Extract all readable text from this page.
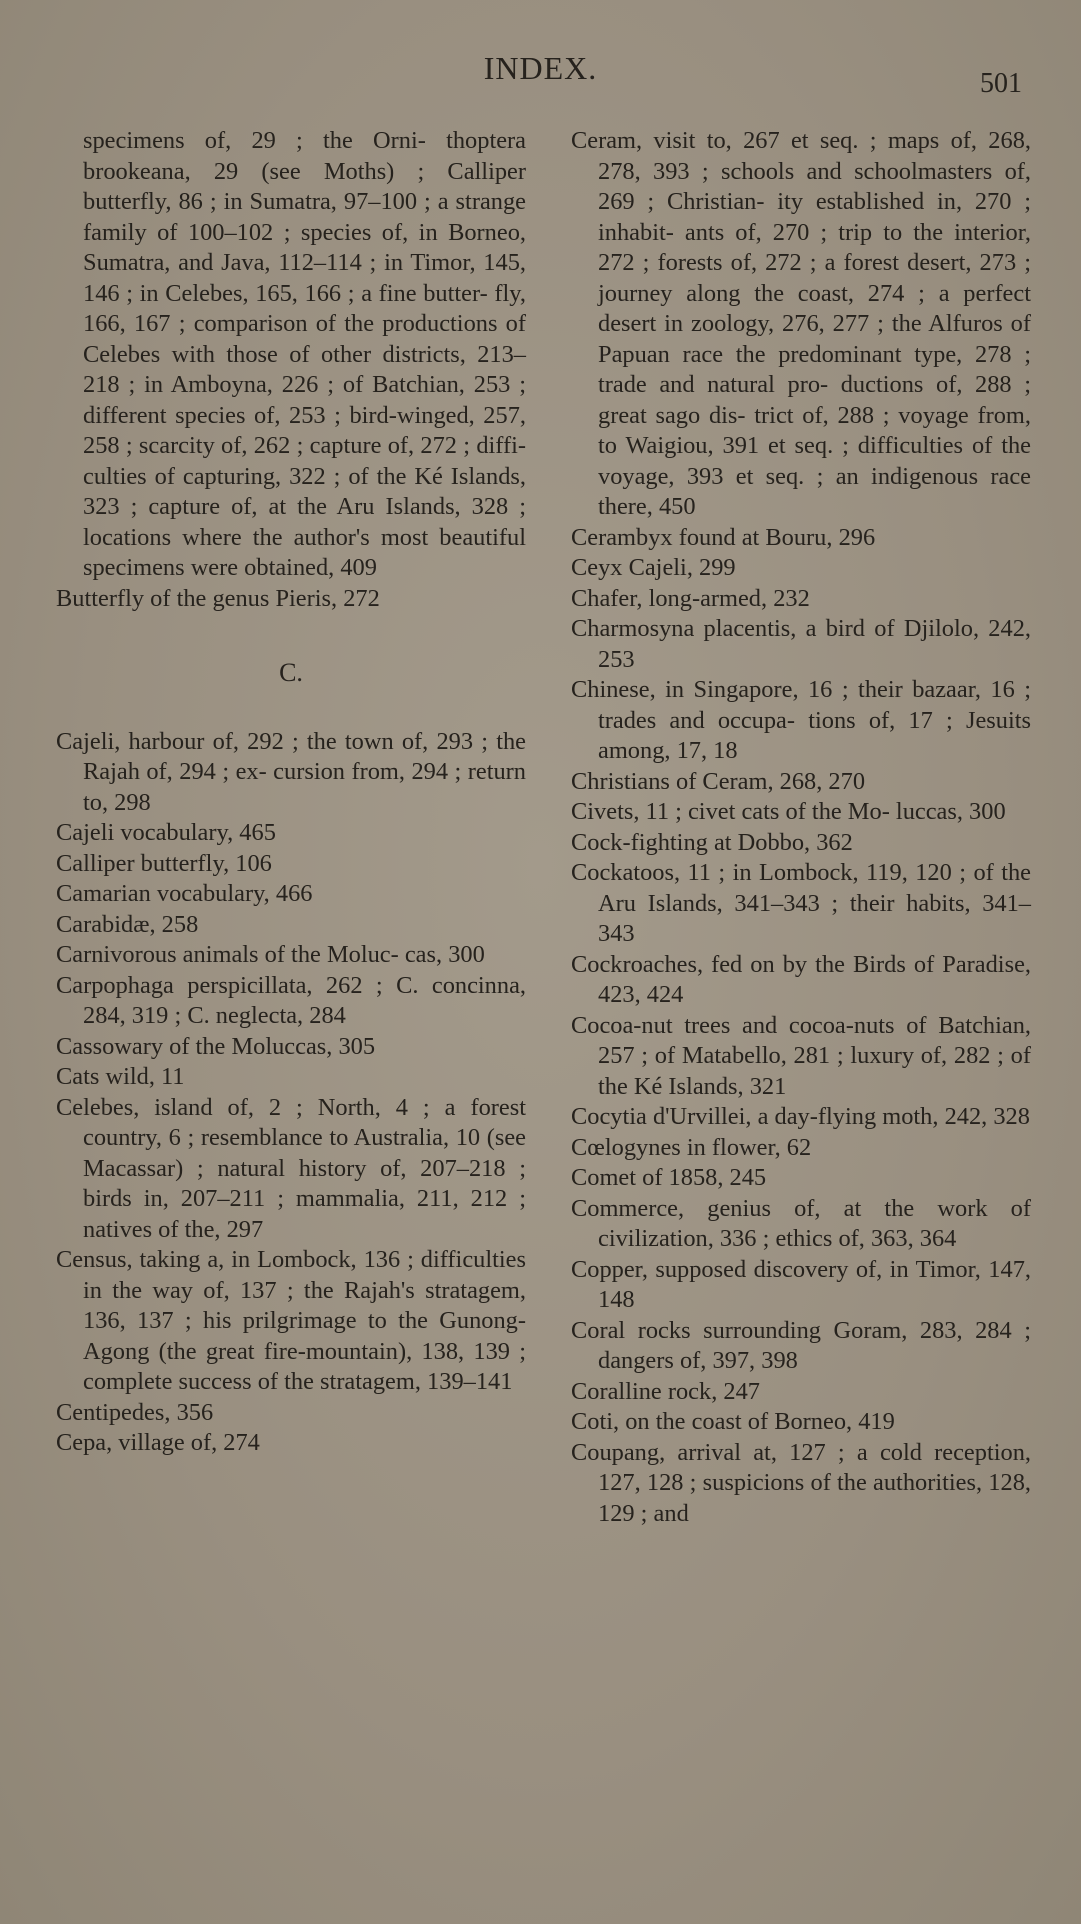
INDEX.	501

specimens of, 29 ; the Orni- thoptera brookeana, 29 (see Moths) ; Calliper butterfly, 86 ; in Sumatra, 97–100 ; a strange family of 100–102 ; species of, in Borneo, Sumatra, and Java, 112–114 ; in Timor, 145, 146 ; in Celebes, 165, 166 ; a fine butter- fly, 166, 167 ; comparison of the productions of Celebes with those of other districts, 213–218 ; in Amboyna, 226 ; of Batchian, 253 ; different species of, 253 ; bird-winged, 257, 258 ; scarcity of, 262 ; capture of, 272 ; diffi- culties of capturing, 322 ; of the Ké Islands, 323 ; capture of, at the Aru Islands, 328 ; locations where the author's most beautiful specimens were obtained, 409

Butterfly of the genus Pieris, 272

C.

Cajeli, harbour of, 292 ; the town of, 293 ; the Rajah of, 294 ; ex- cursion from, 294 ; return to, 298

Cajeli vocabulary, 465

Calliper butterfly, 106

Camarian vocabulary, 466

Carabidæ, 258

Carnivorous animals of the Moluc- cas, 300

Carpophaga perspicillata, 262 ; C. concinna, 284, 319 ; C. neglecta, 284

Cassowary of the Moluccas, 305

Cats wild, 11

Celebes, island of, 2 ; North, 4 ; a forest country, 6 ; resemblance to Australia, 10 (see Macassar) ; natural history of, 207–218 ; birds in, 207–211 ; mammalia, 211, 212 ; natives of the, 297

Census, taking a, in Lombock, 136 ; difficulties in the way of, 137 ; the Rajah's stratagem, 136, 137 ; his prilgrimage to the Gunong- Agong (the great fire-mountain), 138, 139 ; complete success of the stratagem, 139–141

Centipedes, 356

Cepa, village of, 274

Ceram, visit to, 267 et seq. ; maps of, 268, 278, 393 ; schools and schoolmasters of, 269 ; Christian- ity established in, 270 ; inhabit- ants of, 270 ; trip to the interior, 272 ; forests of, 272 ; a forest desert, 273 ; journey along the coast, 274 ; a perfect desert in zoology, 276, 277 ; the Alfuros of Papuan race the predominant type, 278 ; trade and natural pro- ductions of, 288 ; great sago dis- trict of, 288 ; voyage from, to Waigiou, 391 et seq. ; difficulties of the voyage, 393 et seq. ; an indigenous race there, 450

Cerambyx found at Bouru, 296

Ceyx Cajeli, 299

Chafer, long-armed, 232

Charmosyna placentis, a bird of Djilolo, 242, 253

Chinese, in Singapore, 16 ; their bazaar, 16 ; trades and occupa- tions of, 17 ; Jesuits among, 17, 18

Christians of Ceram, 268, 270

Civets, 11 ; civet cats of the Mo- luccas, 300

Cock-fighting at Dobbo, 362

Cockatoos, 11 ; in Lombock, 119, 120 ; of the Aru Islands, 341–343 ; their habits, 341–343

Cockroaches, fed on by the Birds of Paradise, 423, 424

Cocoa-nut trees and cocoa-nuts of Batchian, 257 ; of Matabello, 281 ; luxury of, 282 ; of the Ké Islands, 321

Cocytia d'Urvillei, a day-flying moth, 242, 328

Cœlogynes in flower, 62

Comet of 1858, 245

Commerce, genius of, at the work of civilization, 336 ; ethics of, 363, 364

Copper, supposed discovery of, in Timor, 147, 148

Coral rocks surrounding Goram, 283, 284 ; dangers of, 397, 398

Coralline rock, 247

Coti, on the coast of Borneo, 419

Coupang, arrival at, 127 ; a cold reception, 127, 128 ; suspicions of the authorities, 128, 129 ; and
